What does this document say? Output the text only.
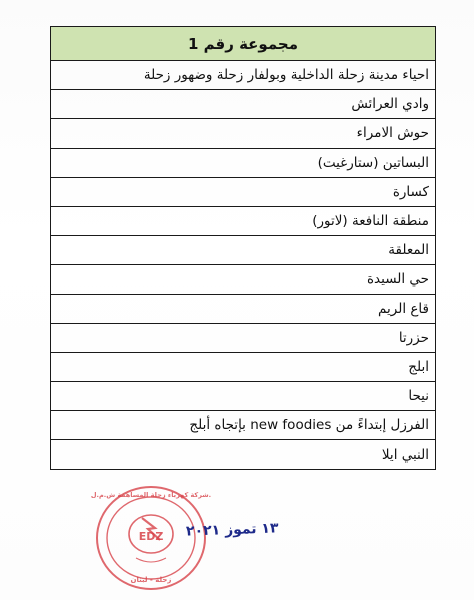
مجموعة رقم 1
احياء مدينة زحلة الداخلية وبولفار زحلة وضهور زحلة
وادي العرائش
حوش الامراء
البساتين (ستارغيت)
كسارة
منطقة النافعة (لاتور)
المعلقة
حي السيدة
قاع الريم
حزرتا
ابلج
نيحا
الفرزل إبتداءً من new foodies بإتجاه أبلج
النبي ايلا
EDZ
شركة كهرباء زحلة المساهمة ش.م.ل.
زحلة - لبنان
١٣ تموز ٢٠٢١
